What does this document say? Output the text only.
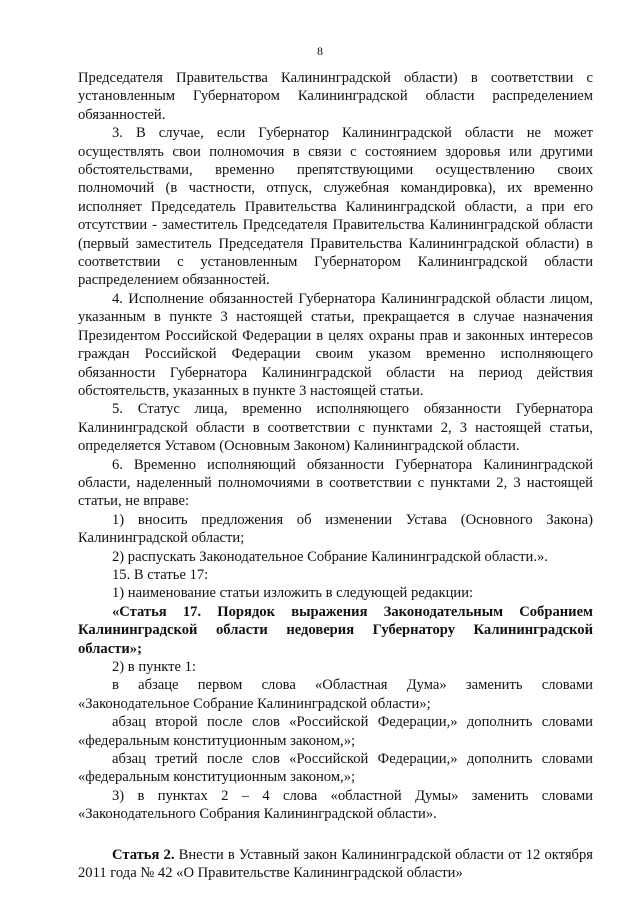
8

Председателя Правительства Калининградской области) в соответствии с установленным Губернатором Калининградской области распределением обязанностей.

3. В случае, если Губернатор Калининградской области не может осуществлять свои полномочия в связи с состоянием здоровья или другими обстоятельствами, временно препятствующими осуществлению своих полномочий (в частности, отпуск, служебная командировка), их временно исполняет Председатель Правительства Калининградской области, а при его отсутствии - заместитель Председателя Правительства Калининградской области (первый заместитель Председателя Правительства Калининградской области) в соответствии с установленным Губернатором Калининградской области распределением обязанностей.

4. Исполнение обязанностей Губернатора Калининградской области лицом, указанным в пункте 3 настоящей статьи, прекращается в случае назначения Президентом Российской Федерации в целях охраны прав и законных интересов граждан Российской Федерации своим указом временно исполняющего обязанности Губернатора Калининградской области на период действия обстоятельств, указанных в пункте 3 настоящей статьи.

5. Статус лица, временно исполняющего обязанности Губернатора Калининградской области в соответствии с пунктами 2, 3 настоящей статьи, определяется Уставом (Основным Законом) Калининградской области.

6. Временно исполняющий обязанности Губернатора Калининградской области, наделенный полномочиями в соответствии с пунктами 2, 3 настоящей статьи, не вправе:

1) вносить предложения об изменении Устава (Основного Закона) Калининградской области;

2) распускать Законодательное Собрание Калининградской области.».

15. В статье 17:

1) наименование статьи изложить в следующей редакции:

«Статья 17. Порядок выражения Законодательным Собранием Калининградской области недоверия Губернатору Калининградской области»;

2) в пункте 1:

в абзаце первом слова «Областная Дума» заменить словами «Законодательное Собрание Калининградской области»;

абзац второй после слов «Российской Федерации,» дополнить словами «федеральным конституционным законом,»;

абзац третий после слов «Российской Федерации,» дополнить словами «федеральным конституционным законом,»;

3) в пунктах 2 – 4 слова «областной Думы» заменить словами «Законодательного Собрания Калининградской области».

Статья 2. Внести в Уставный закон Калининградской области от 12 октября 2011 года № 42 «О Правительстве Калининградской области»
